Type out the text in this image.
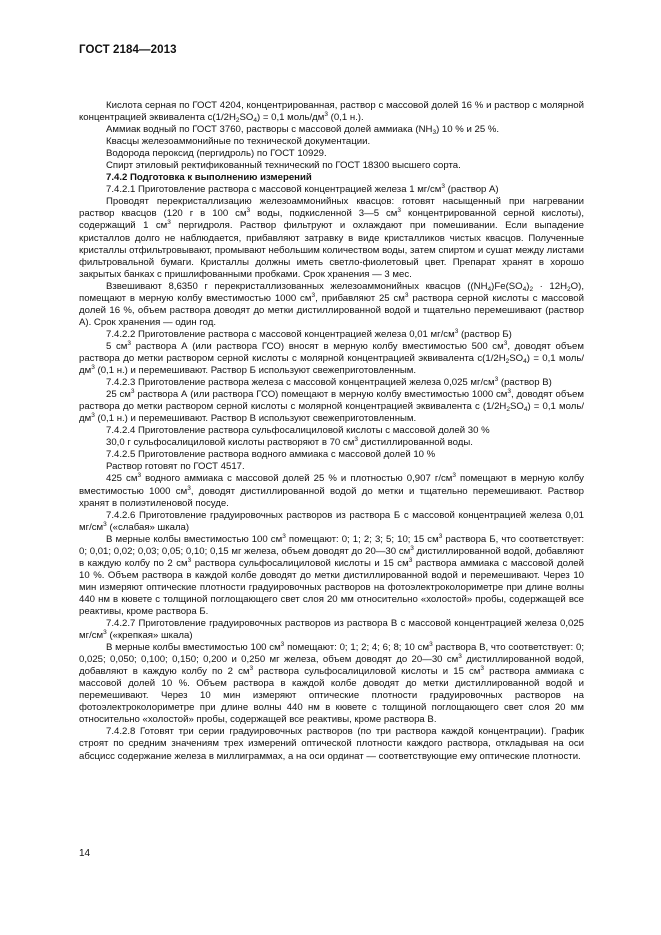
ГОСТ 2184—2013

Кислота серная по ГОСТ 4204, концентрированная, раствор с массовой долей 16 % и раствор с молярной концентрацией эквивалента $c(1/2H_2SO_4) = 0,1$ моль/$дм^3$ (0,1 н.).

Аммиак водный по ГОСТ 3760, растворы с массовой долей аммиака $(NH_3)$ 10 % и 25 %.

Квасцы железоаммонийные по технической документации.

Водорода пероксид (пергидроль) по ГОСТ 10929.

Спирт этиловый ректификованный технический по ГОСТ 18300 высшего сорта.

7.4.2 Подготовка к выполнению измерений

7.4.2.1 Приготовление раствора с массовой концентрацией железа 1 $мг/см^3$ (раствор А)

Проводят перекристаллизацию железоаммонийных квасцов: готовят насыщенный при нагревании раствор квасцов (120 г в 100 $см^3$ воды, подкисленной 3—5 $см^3$ концентрированной серной кислоты), содержащий 1 $см^3$ пергидроля. Раствор фильтруют и охлаждают при помешивании. Если выпадение кристаллов долго не наблюдается, прибавляют затравку в виде кристалликов чистых квасцов. Полученные кристаллы отфильтровывают, промывают небольшим количеством воды, затем спиртом и сушат между листами фильтровальной бумаги. Кристаллы должны иметь светло-фиолетовый цвет. Препарат хранят в хорошо закрытых банках с пришлифованными пробками. Срок хранения — 3 мес.

Взвешивают 8,6350 г перекристаллизованных железоаммонийных квасцов $((NH_4)Fe(SO_4)_2 \cdot 12H_2O)$, помещают в мерную колбу вместимостью 1000 $см^3$, прибавляют 25 $см^3$ раствора серной кислоты с массовой долей 16 %, объем раствора доводят до метки дистиллированной водой и тщательно перемешивают (раствор А). Срок хранения — один год.

7.4.2.2 Приготовление раствора с массовой концентрацией железа 0,01 $мг/см^3$ (раствор Б)

5 $см^3$ раствора А (или раствора ГСО) вносят в мерную колбу вместимостью 500 $см^3$, доводят объем раствора до метки раствором серной кислоты с молярной концентрацией эквивалента $c(1/2H_2SO_4) = 0,1$ моль/$дм^3$ (0,1 н.) и перемешивают. Раствор Б используют свежеприготовленным.

7.4.2.3 Приготовление раствора железа с массовой концентрацией железа 0,025 $мг/см^3$ (раствор В)

25 $см^3$ раствора А (или раствора ГСО) помещают в мерную колбу вместимостью 1000 $см^3$, доводят объем раствора до метки раствором серной кислоты с молярной концентрацией эквивалента c $(1/2H_2SO_4) = 0,1$ моль/$дм^3$ (0,1 н.) и перемешивают. Раствор В используют свежеприготовленным.

7.4.2.4 Приготовление раствора сульфосалициловой кислоты с массовой долей 30 %

30,0 г сульфосалициловой кислоты растворяют в 70 $см^3$ дистиллированной воды.

7.4.2.5 Приготовление раствора водного аммиака с массовой долей 10 %

Раствор готовят по ГОСТ 4517.

425 $см^3$ водного аммиака с массовой долей 25 % и плотностью 0,907 $г/см^3$ помещают в мерную колбу вместимостью 1000 $см^3$, доводят дистиллированной водой до метки и тщательно перемешивают. Раствор хранят в полиэтиленовой посуде.

7.4.2.6 Приготовление градуировочных растворов из раствора Б с массовой концентрацией железа 0,01 $мг/см^3$ («слабая» шкала)

В мерные колбы вместимостью 100 $см^3$ помещают: 0; 1; 2; 3; 5; 10; 15 $см^3$ раствора Б, что соответствует: 0; 0,01; 0,02; 0,03; 0,05; 0,10; 0,15 мг железа, объем доводят до 20—30 $см^3$ дистиллированной водой, добавляют в каждую колбу по 2 $см^3$ раствора сульфосалициловой кислоты и 15 $см^3$ раствора аммиака с массовой долей 10 %. Объем раствора в каждой колбе доводят до метки дистиллированной водой и перемешивают. Через 10 мин измеряют оптические плотности градуировочных растворов на фотоэлектроколориметре при длине волны 440 нм в кювете с толщиной поглощающего свет слоя 20 мм относительно «холостой» пробы, содержащей все реактивы, кроме раствора Б.

7.4.2.7 Приготовление градуировочных растворов из раствора В с массовой концентрацией железа 0,025 $мг/см^3$ («крепкая» шкала)

В мерные колбы вместимостью 100 $см^3$ помещают: 0; 1; 2; 4; 6; 8; 10 $см^3$ раствора В, что соответствует: 0; 0,025; 0,050; 0,100; 0,150; 0,200 и 0,250 мг железа, объем доводят до 20—30 $см^3$ дистиллированной водой, добавляют в каждую колбу по 2 $см^3$ раствора сульфосалициловой кислоты и 15 $см^3$ раствора аммиака с массовой долей 10 %. Объем раствора в каждой колбе доводят до метки дистиллированной водой и перемешивают. Через 10 мин измеряют оптические плотности градуировочных растворов на фотоэлектроколориметре при длине волны 440 нм в кювете с толщиной поглощающего свет слоя 20 мм относительно «холостой» пробы, содержащей все реактивы, кроме раствора В.

7.4.2.8 Готовят три серии градуировочных растворов (по три раствора каждой концентрации). График строят по средним значениям трех измерений оптической плотности каждого раствора, откладывая на оси абсцисс содержание железа в миллиграммах, а на оси ординат — соответствующие ему оптические плотности.

14
